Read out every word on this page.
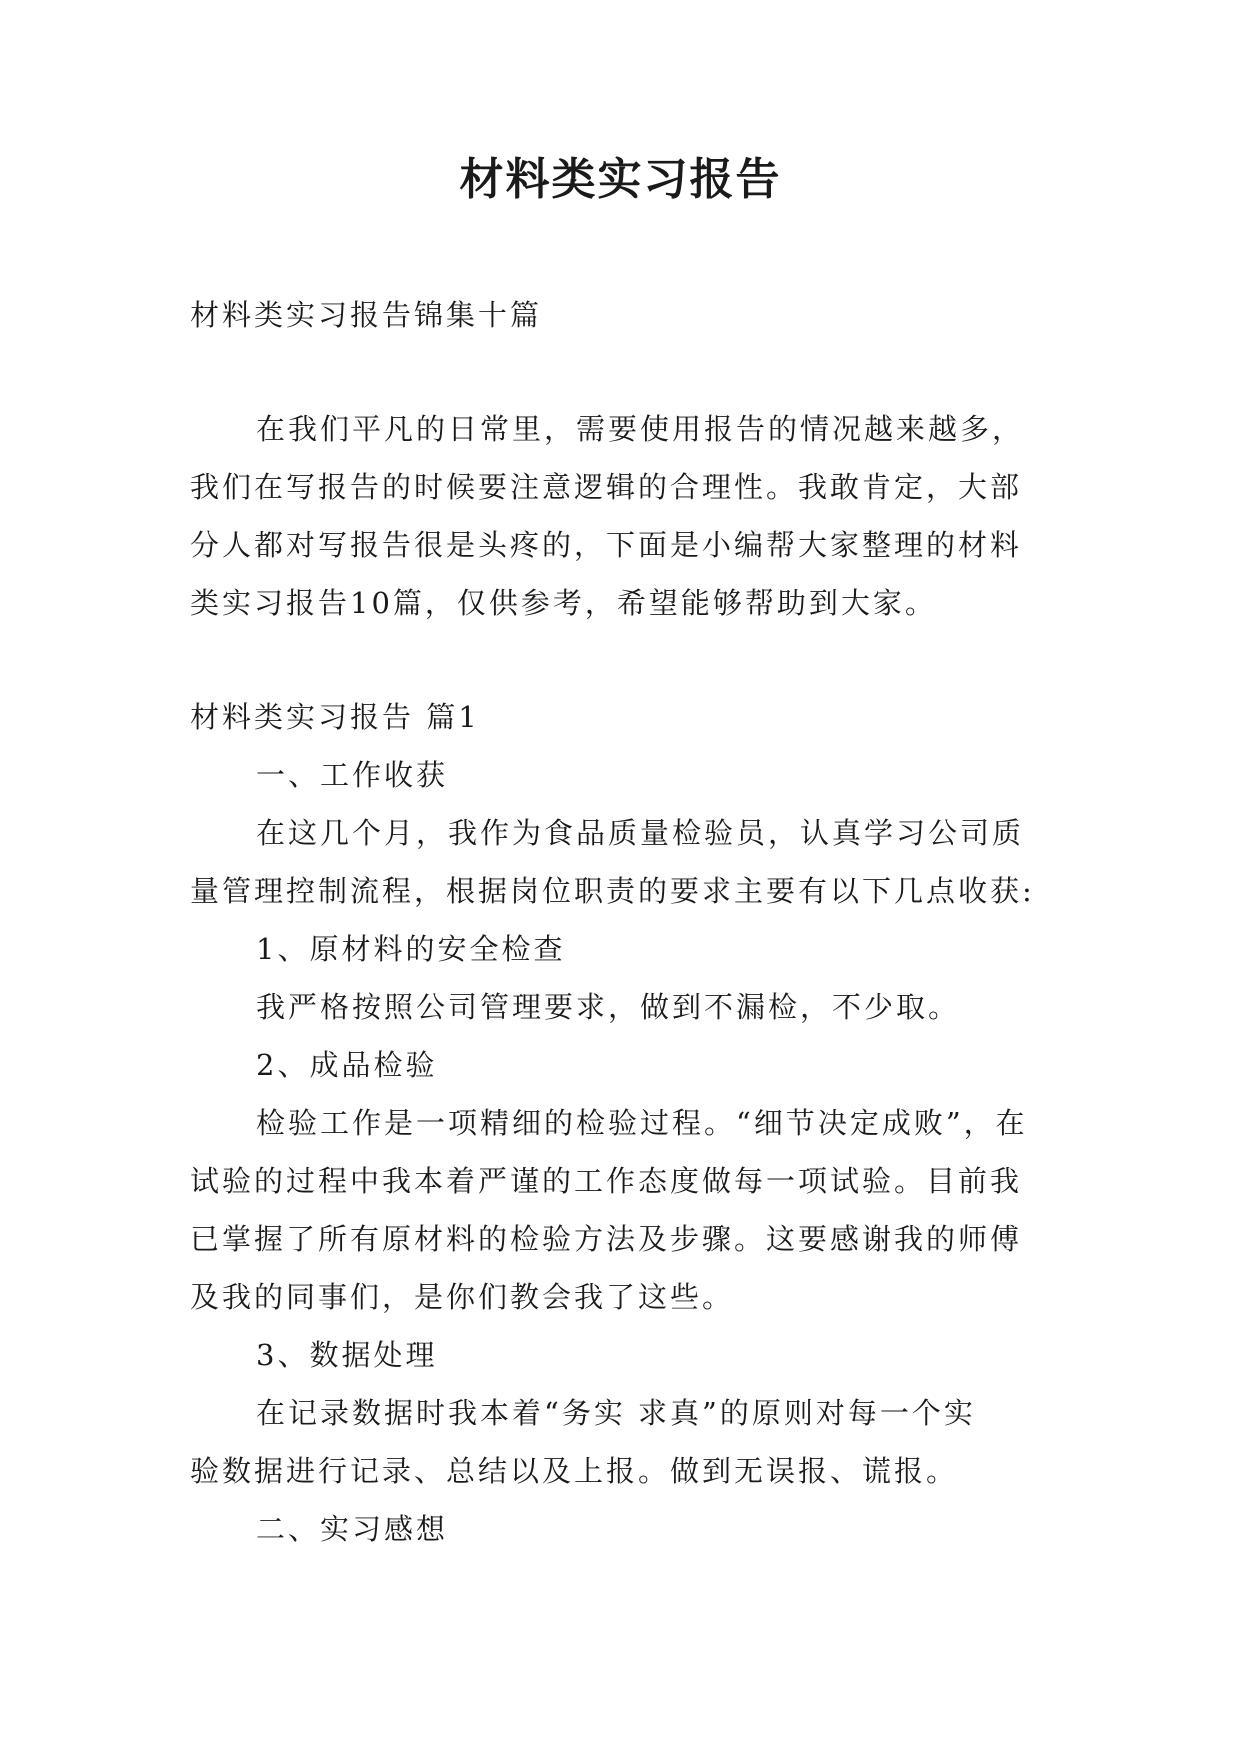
材料类实习报告
材料类实习报告锦集十篇
在我们平凡的日常里，需要使用报告的情况越来越多，
我们在写报告的时候要注意逻辑的合理性。我敢肯定，大部
分人都对写报告很是头疼的，下面是小编帮大家整理的材料
类实习报告10篇，仅供参考，希望能够帮助到大家。
材料类实习报告 篇1
一、工作收获
在这几个月，我作为食品质量检验员，认真学习公司质
量管理控制流程，根据岗位职责的要求主要有以下几点收获:
1、原材料的安全检查
我严格按照公司管理要求，做到不漏检，不少取。
2、成品检验
检验工作是一项精细的检验过程。“细节决定成败”，在
试验的过程中我本着严谨的工作态度做每一项试验。目前我
已掌握了所有原材料的检验方法及步骤。这要感谢我的师傅
及我的同事们，是你们教会我了这些。
3、数据处理
在记录数据时我本着“务实 求真”的原则对每一个实
验数据进行记录、总结以及上报。做到无误报、谎报。
二、实习感想
